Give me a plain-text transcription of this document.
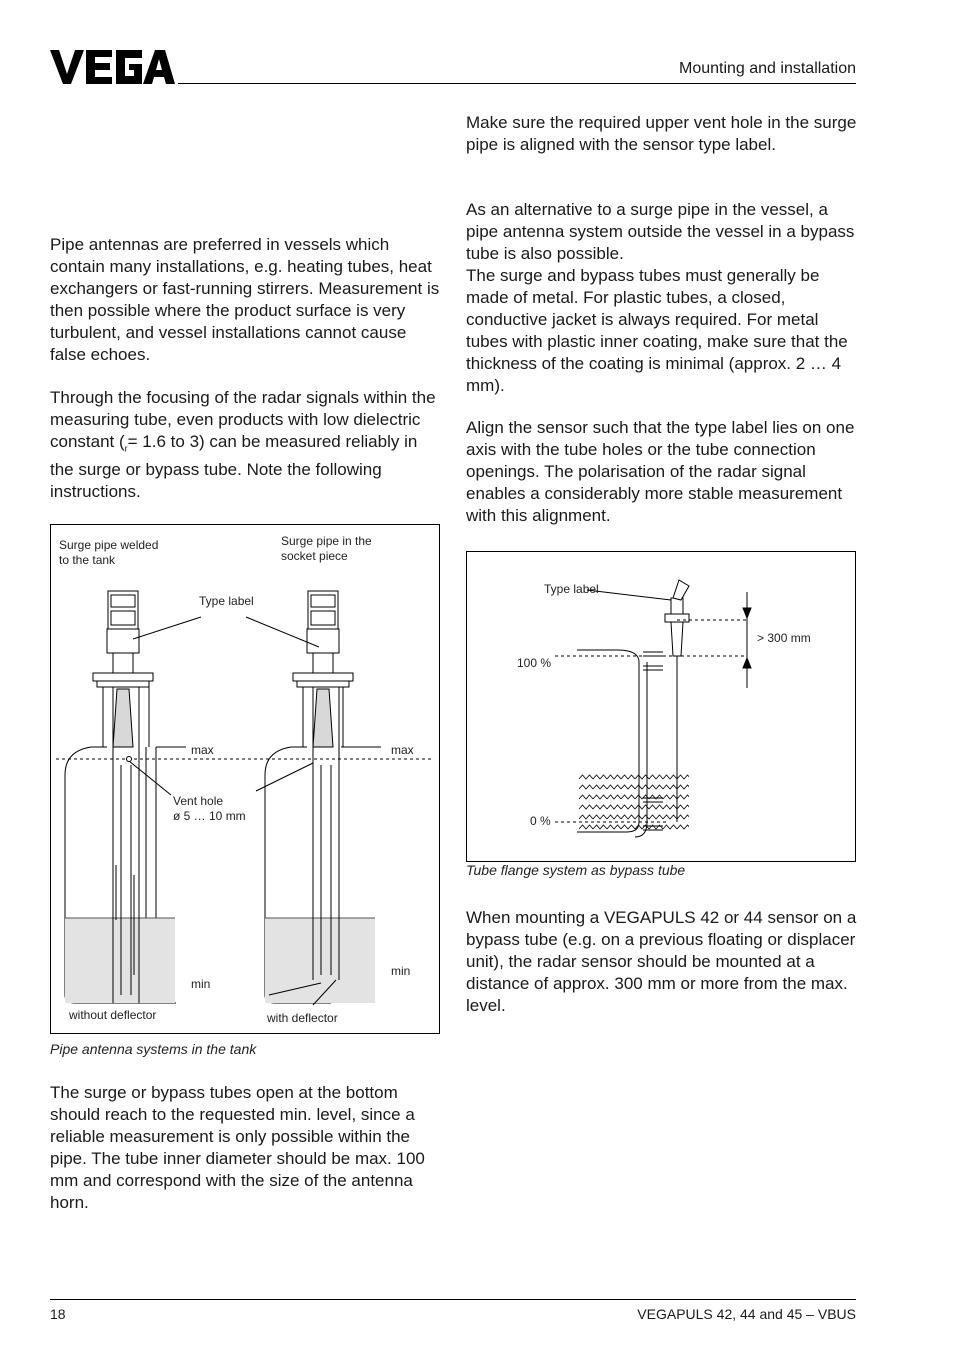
Mounting and installation

Pipe antennas are preferred in vessels which contain many installations, e.g. heating tubes, heat exchangers or fast-running stirrers. Measurement is then possible where the product surface is very turbulent, and vessel installations cannot cause false echoes.

Through the focusing of the radar signals within the measuring tube, even products with low dielectric constant ($_r= 1.6$ to 3) can be measured reliably in the surge or bypass tube. Note the following instructions.

Surge pipe welded
to the tank
Surge pipe in the
socket piece
Type label
max	max
Vent hole
ø 5 … 10 mm
min
min
without deflector	with deflector
Pipe antenna systems in the tank

The surge or bypass tubes open at the bottom should reach to the requested min. level, since a reliable measurement is only possible within the pipe. The tube inner diameter should be max. 100 mm and correspond with the size of the antenna horn.

Make sure the required upper vent hole in the surge pipe is aligned with the sensor type label.

As an alternative to a surge pipe in the vessel, a pipe antenna system outside the vessel in a bypass tube is also possible.

The surge and bypass tubes must generally be made of metal. For plastic tubes, a closed, conductive jacket is always required. For metal tubes with plastic inner coating, make sure that the thickness of the coating is minimal (approx. 2 … 4 mm).

Align the sensor such that the type label lies on one axis with the tube holes or the tube connection openings. The polarisation of the radar signal enables a considerably more stable measurement with this alignment.

Type label
> 300 mm
100 %
0 %
Tube flange system as bypass tube

When mounting a VEGAPULS 42 or 44 sensor on a bypass tube (e.g. on a previous floating or displacer unit), the radar sensor should be mounted at a distance of approx. 300 mm or more from the max. level.

18	VEGAPULS 42, 44 and 45 – VBUS
